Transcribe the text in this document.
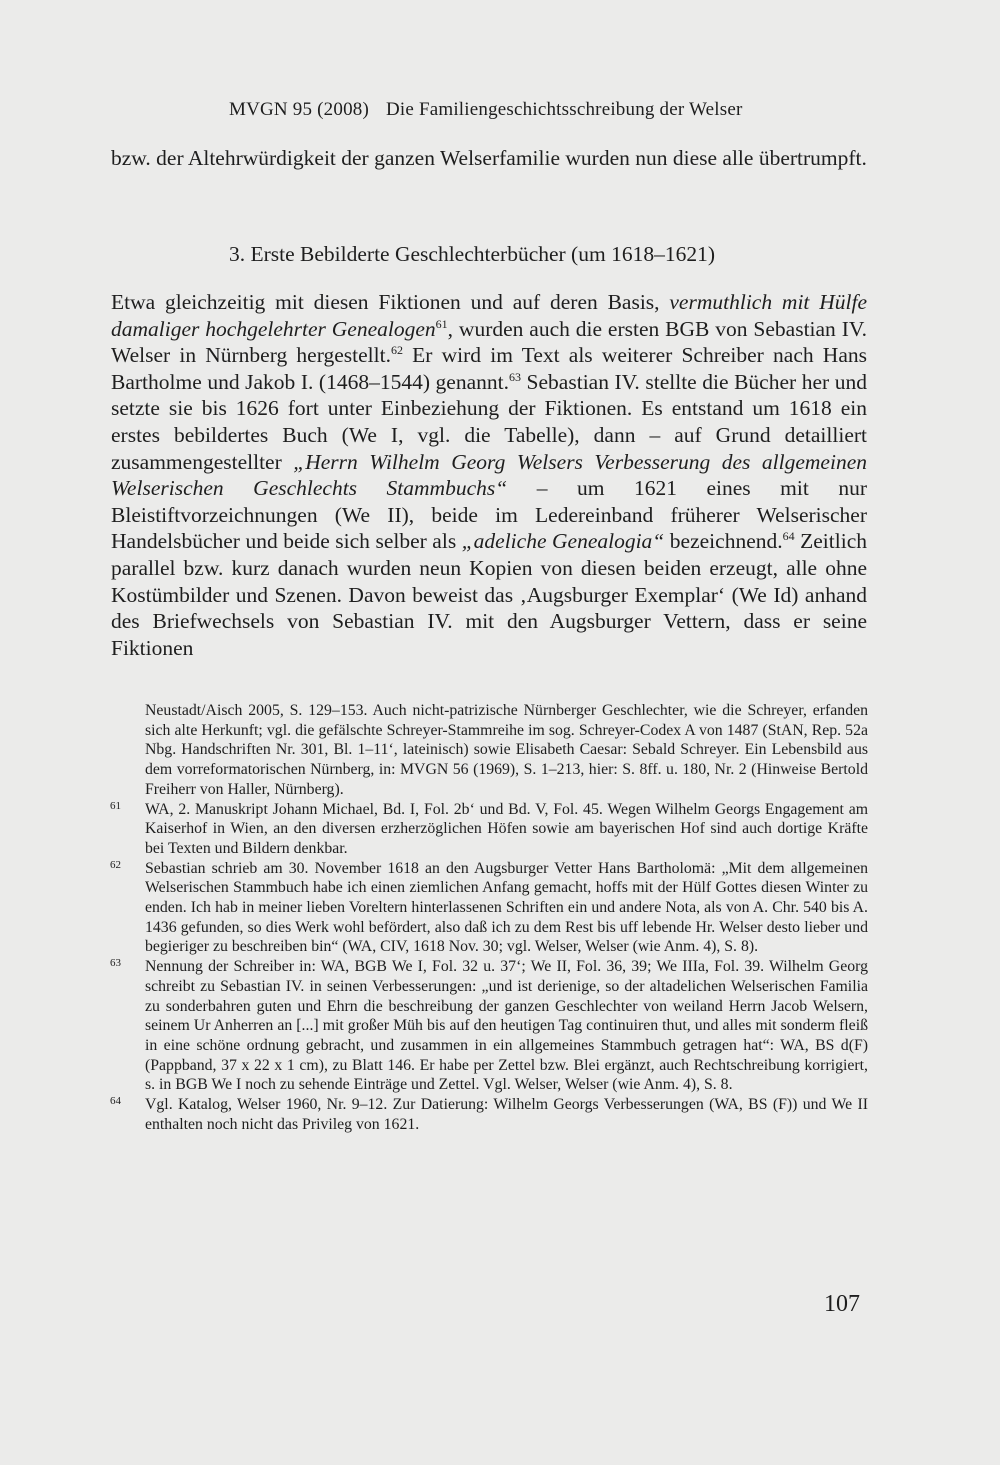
MVGN 95 (2008) Die Familiengeschichtsschreibung der Welser

bzw. der Altehrwürdigkeit der ganzen Welserfamilie wurden nun diese alle übertrumpft.

3. Erste Bebilderte Geschlechterbücher (um 1618–1621)
Etwa gleichzeitig mit diesen Fiktionen und auf deren Basis, vermuthlich mit Hülfe damaliger hochgelehrter Genealogen$^{61}$, wurden auch die ersten BGB von Sebastian IV. Welser in Nürnberg hergestellt.$^{62}$ Er wird im Text als weiterer Schreiber nach Hans Bartholme und Jakob I. (1468–1544) genannt.$^{63}$ Sebastian IV. stellte die Bücher her und setzte sie bis 1626 fort unter Einbeziehung der Fiktionen. Es entstand um 1618 ein erstes bebildertes Buch (We I, vgl. die Tabelle), dann – auf Grund detailliert zusammengestellter „Herrn Wilhelm Georg Welsers Verbesserung des allgemeinen Welserischen Geschlechts Stammbuchs“ – um 1621 eines mit nur Bleistiftvorzeichnungen (We II), beide im Ledereinband früherer Welserischer Handelsbücher und beide sich selber als „adeliche Genealogia“ bezeichnend.$^{64}$ Zeitlich parallel bzw. kurz danach wurden neun Kopien von diesen beiden erzeugt, alle ohne Kostümbilder und Szenen. Davon beweist das ‚Augsburger Exemplar‘ (We Id) anhand des Briefwechsels von Sebastian IV. mit den Augsburger Vettern, dass er seine Fiktionen

Neustadt/Aisch 2005, S. 129–153. Auch nicht-patrizische Nürnberger Geschlechter, wie die Schreyer, erfanden sich alte Herkunft; vgl. die gefälschte Schreyer-Stammreihe im sog. Schreyer-Codex A von 1487 (StAN, Rep. 52a Nbg. Handschriften Nr. 301, Bl. 1–11‘, lateinisch) sowie Elisabeth Caesar: Sebald Schreyer. Ein Lebensbild aus dem vorreformatorischen Nürnberg, in: MVGN 56 (1969), S. 1–213, hier: S. 8ff. u. 180, Nr. 2 (Hinweise Bertold Freiherr von Haller, Nürnberg).

61 WA, 2. Manuskript Johann Michael, Bd. I, Fol. 2b‘ und Bd. V, Fol. 45. Wegen Wilhelm Georgs Engagement am Kaiserhof in Wien, an den diversen erzherzöglichen Höfen sowie am bayerischen Hof sind auch dortige Kräfte bei Texten und Bildern denkbar.

62 Sebastian schrieb am 30. November 1618 an den Augsburger Vetter Hans Bartholomä: „Mit dem allgemeinen Welserischen Stammbuch habe ich einen ziemlichen Anfang gemacht, hoffs mit der Hülf Gottes diesen Winter zu enden. Ich hab in meiner lieben Voreltern hinterlassenen Schriften ein und andere Nota, als von A. Chr. 540 bis A. 1436 gefunden, so dies Werk wohl befördert, also daß ich zu dem Rest bis uff lebende Hr. Welser desto lieber und begieriger zu beschreiben bin“ (WA, CIV, 1618 Nov. 30; vgl. Welser, Welser (wie Anm. 4), S. 8).

63 Nennung der Schreiber in: WA, BGB We I, Fol. 32 u. 37‘; We II, Fol. 36, 39; We IIIa, Fol. 39. Wilhelm Georg schreibt zu Sebastian IV. in seinen Verbesserungen: „und ist derienige, so der altadelichen Welserischen Familia zu sonderbahren guten und Ehrn die beschreibung der ganzen Geschlechter von weiland Herrn Jacob Welsern, seinem Ur Anherren an [...] mit großer Müh bis auf den heutigen Tag continuiren thut, und alles mit sonderm fleiß in eine schöne ordnung gebracht, und zusammen in ein allgemeines Stammbuch getragen hat“: WA, BS d(F) (Pappband, 37 x 22 x 1 cm), zu Blatt 146. Er habe per Zettel bzw. Blei ergänzt, auch Rechtschreibung korrigiert, s. in BGB We I noch zu sehende Einträge und Zettel. Vgl. Welser, Welser (wie Anm. 4), S. 8.

64 Vgl. Katalog, Welser 1960, Nr. 9–12. Zur Datierung: Wilhelm Georgs Verbesserungen (WA, BS (F)) und We II enthalten noch nicht das Privileg von 1621.

107
